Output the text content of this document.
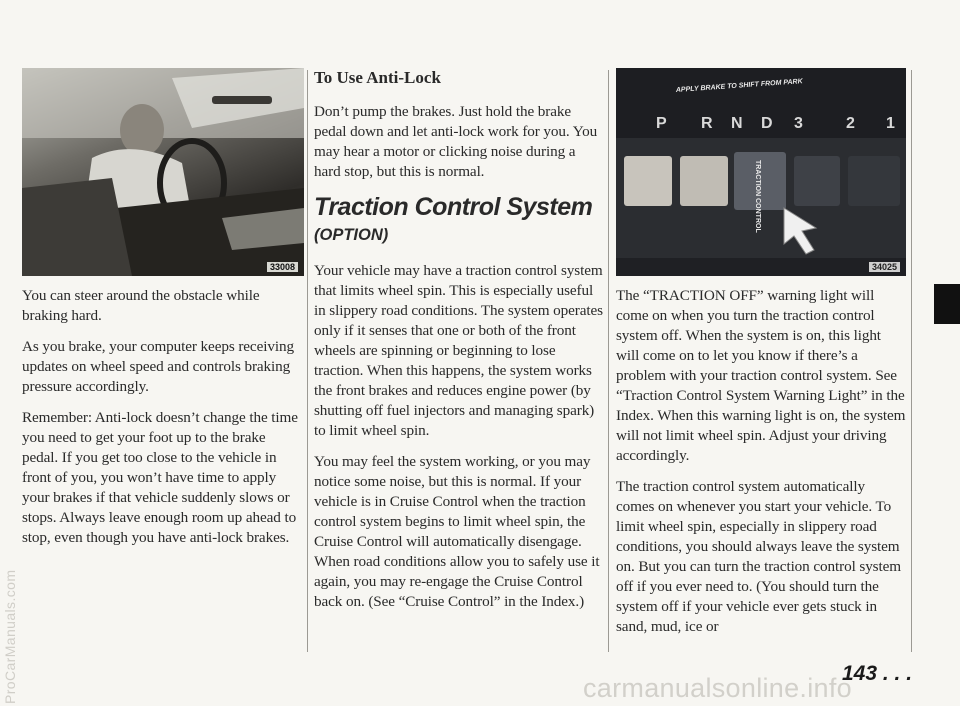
33008

You can steer around the obstacle while braking hard.

As you brake, your computer keeps receiving updates on wheel speed and controls braking pressure accordingly.

Remember: Anti-lock doesn’t change the time you need to get your foot up to the brake pedal. If you get too close to the vehicle in front of you, you won’t have time to apply your brakes if that vehicle suddenly slows or stops. Always leave enough room up ahead to stop, even though you have anti-lock brakes.

To Use Anti-Lock

Don’t pump the brakes. Just hold the brake pedal down and let anti-lock work for you. You may hear a motor or clicking noise during a hard stop, but this is normal.

Traction Control System
(OPTION)

Your vehicle may have a traction control system that limits wheel spin. This is especially useful in slippery road conditions. The system operates only if it senses that one or both of the front wheels are spinning or beginning to lose traction. When this happens, the system works the front brakes and reduces engine power (by shutting off fuel injectors and managing spark) to limit wheel spin.

You may feel the system working, or you may notice some noise, but this is normal. If your vehicle is in Cruise Control when the traction control system begins to limit wheel spin, the Cruise Control will automatically disengage. When road conditions allow you to safely use it again, you may re-engage the Cruise Control back on. (See “Cruise Control” in the Index.)

APPLY BRAKE TO SHIFT FROM PARK
P R N D 3	2 1
TRACTION CONTROL
34025

The “TRACTION OFF” warning light will come on when you turn the traction control system off. When the system is on, this light will come on to let you know if there’s a problem with your traction control system. See “Traction Control System Warning Light” in the Index. When this warning light is on, the system will not limit wheel spin. Adjust your driving accordingly.

The traction control system automatically comes on whenever you start your vehicle. To limit wheel spin, especially in slippery road conditions, you should always leave the system on. But you can turn the traction control system off if you ever need to. (You should turn the system off if your vehicle ever gets stuck in sand, mud, ice or

143 . . .
ProCarManuals.com	carmanualsonline.info
